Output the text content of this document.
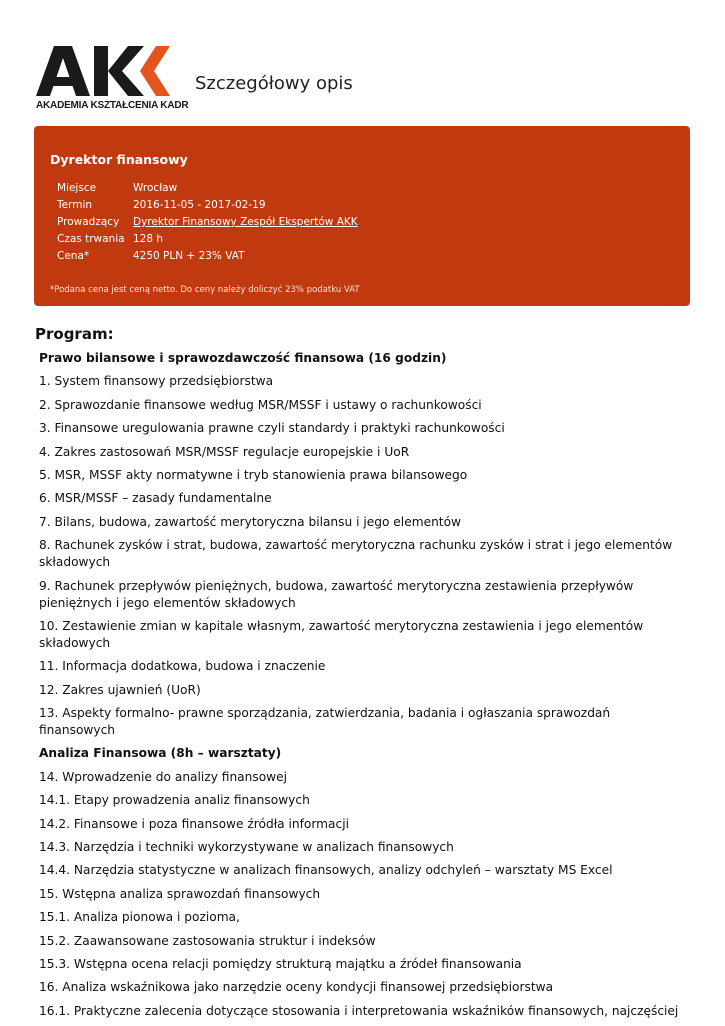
AKADEMIA KSZTAŁCENIA KADR
Szczegółowy opis
Dyrektor finansowy
Miejsce	Wrocław
Termin	2016-11-05 - 2017-02-19
Prowadzący	Dyrektor Finansowy Zespół Ekspertów AKK
Czas trwania 128 h
Cena*	4250 PLN + 23% VAT
*Podana cena jest ceną netto. Do ceny należy doliczyć 23% podatku VAT
Program:
Prawo bilansowe i sprawozdawczość finansowa (16 godzin)
1. System finansowy przedsiębiorstwa
2. Sprawozdanie finansowe według MSR/MSSF i ustawy o rachunkowości
3. Finansowe uregulowania prawne czyli standardy i praktyki rachunkowości
4. Zakres zastosowań MSR/MSSF regulacje europejskie i UoR
5. MSR, MSSF akty normatywne i tryb stanowienia prawa bilansowego
6. MSR/MSSF – zasady fundamentalne
7. Bilans, budowa, zawartość merytoryczna bilansu i jego elementów
8. Rachunek zysków i strat, budowa, zawartość merytoryczna rachunku zysków i strat i jego elementów składowych
9. Rachunek przepływów pieniężnych, budowa, zawartość merytoryczna zestawienia przepływów pieniężnych i jego elementów składowych
10. Zestawienie zmian w kapitale własnym, zawartość merytoryczna zestawienia i jego elementów składowych
11. Informacja dodatkowa, budowa i znaczenie
12. Zakres ujawnień (UoR)
13. Aspekty formalno- prawne sporządzania, zatwierdzania, badania i ogłaszania sprawozdań finansowych
Analiza Finansowa (8h – warsztaty)
14. Wprowadzenie do analizy finansowej
14.1. Etapy prowadzenia analiz finansowych
14.2. Finansowe i poza finansowe źródła informacji
14.3. Narzędzia i techniki wykorzystywane w analizach finansowych
14.4. Narzędzia statystyczne w analizach finansowych, analizy odchyleń – warsztaty MS Excel
15. Wstępna analiza sprawozdań finansowych
15.1. Analiza pionowa i pozioma,
15.2. Zaawansowane zastosowania struktur i indeksów
15.3. Wstępna ocena relacji pomiędzy strukturą majątku a źródeł finansowania
16. Analiza wskaźnikowa jako narzędzie oceny kondycji finansowej przedsiębiorstwa
16.1. Praktyczne zalecenia dotyczące stosowania i interpretowania wskaźników finansowych, najczęściej
